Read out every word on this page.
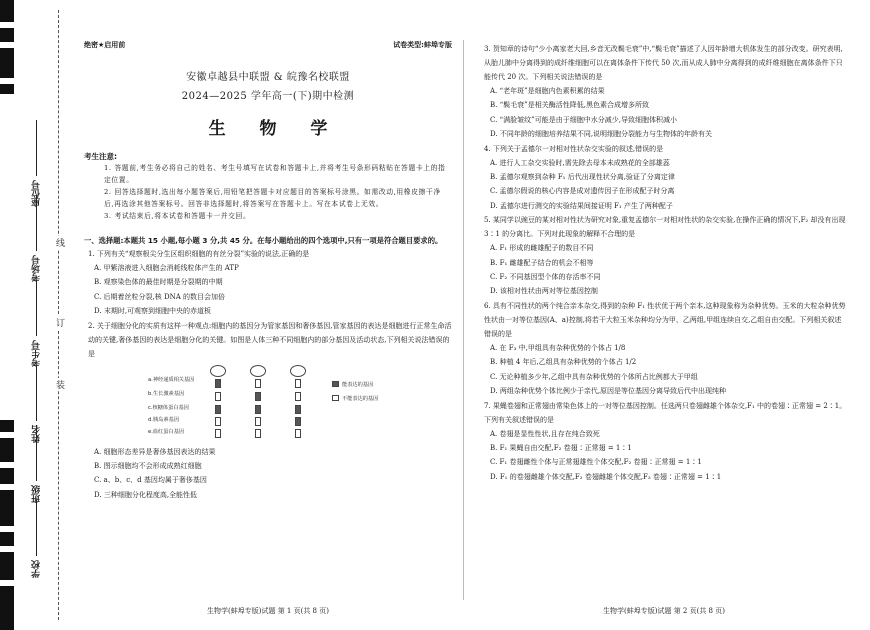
座位号
考场号
考生号
姓名
班级
学校
线
订
装
绝密★启用前	试卷类型:蚌埠专版
安徽卓越县中联盟 & 皖豫名校联盟
2024—2025 学年高一(下)期中检测
生 物 学
考生注意:
1. 答题前,考生务必将自己的姓名、考生号填写在试卷和答题卡上,并将考生号条形码粘贴在答题卡上的指定位置。
2. 回答选择题时,选出每小题答案后,用铅笔把答题卡对应题目的答案标号涂黑。如需改动,用橡皮擦干净后,再选涂其他答案标号。回答非选择题时,将答案写在答题卡上。写在本试卷上无效。
3. 考试结束后,将本试卷和答题卡一并交回。
一、选择题:本题共 15 小题,每小题 3 分,共 45 分。在每小题给出的四个选项中,只有一项是符合题目要求的。
1. 下列有关“观察根尖分生区组织细胞的有丝分裂”实验的说法,正确的是
A. 甲紫溶液进入细胞会消耗线粒体产生的 ATP
B. 观察染色体的最佳时期是分裂期的中期
C. 后期着丝粒分裂,核 DNA 的数目会加倍
D. 末期时,可观察到细胞中央的赤道板
2. 关于细胞分化的实质有这样一种观点:细胞内的基因分为管家基因和奢侈基因,管家基因的表达是细胞进行正常生命活动的关键,奢侈基因的表达是细胞分化的关键。如图是人体三种不同细胞内的部分基因及活动状态,下列相关说法错误的是
a.神经递质相关基因
b.生长激素基因
c.核糖体蛋白基因
d.胰岛素基因
e.血红蛋白基因
能表达的基因
不能表达的基因
A. 细胞形态差异是奢侈基因表达的结果
B. 图示细胞均不会形成成熟红细胞
C. a、b、c、d 基因均属于奢侈基因
D. 三种细胞分化程度高,全能性低
生物学(蚌埠专版)试题 第 1 页(共 8 页)
3. 贺知章的诗句“少小离家老大回,乡音无改鬓毛衰”中,“鬓毛衰”描述了人因年龄增大机体发生的部分改变。研究表明,从胎儿肺中分离得到的成纤维细胞可以在离体条件下传代 50 次,而从成人肺中分离得到的成纤维细胞在离体条件下只能传代 20 次。下列相关说法错误的是
A. “老年斑”是细胞内色素积累的结果
B. “鬓毛衰”是相关酶活性降低,黑色素合成增多所致
C. “满脸皱纹”可能是由于细胞中水分减少,导致细胞体积减小
D. 不同年龄的细胞培养结果不同,说明细胞分裂能力与生物体的年龄有关
4. 下列关于孟德尔一对相对性状杂交实验的叙述,错误的是
A. 进行人工杂交实验时,需先除去母本未成熟花的全部雄蕊
B. 孟德尔观察到杂种 F₁ 后代出现性状分离,验证了分离定律
C. 孟德尔假说的核心内容是成对遗传因子在形成配子时分离
D. 孟德尔进行测交的实验结果间接证明 F₁ 产生了两种配子
5. 某同学以豌豆的某对相对性状为研究对象,重复孟德尔一对相对性状的杂交实验,在操作正确的情况下,F₂ 却没有出现 3∶1 的分离比。下列对此现象的解释不合理的是
A. F₁ 形成的雌雄配子的数目不同
B. F₁ 雌雄配子结合的机会不相等
C. F₂ 不同基因型个体的存活率不同
D. 该相对性状由两对等位基因控制
6. 具有不同性状的两个纯合亲本杂交,得到的杂种 F₁ 性状优于两个亲本,这种现象称为杂种优势。玉米的大粒杂种优势性状由一对等位基因(A、a)控制,将若干大粒玉米杂种均分为甲、乙两组,甲组连续自交,乙组自由交配。下列相关叙述错误的是
A. 在 F₃ 中,甲组具有杂种优势的个体占 1/8
B. 种植 4 年后,乙组具有杂种优势的个体占 1/2
C. 无论种植多少年,乙组中具有杂种优势的个体所占比例都大于甲组
D. 两组杂种优势个体比例少于亲代,原因是等位基因分离导致后代中出现纯种
7. 果蝇卷翅和正常翅由常染色体上的一对等位基因控制。任选两只卷翅雌雄个体杂交,F₁ 中的卷翅∶正常翅 = 2∶1。下列有关叙述错误的是
A. 卷翅是显性性状,且存在纯合致死
B. F₁ 果蝇自由交配,F₂ 卷翅∶正常翅 = 1∶1
C. F₁ 卷翅雌性个体与正常翅雄性个体交配,F₂ 卷翅∶正常翅 = 1∶1
D. F₁ 的卷翅雌雄个体交配,F₂ 卷翅雌雄个体交配,F₃ 卷翅∶正常翅 = 1∶1
生物学(蚌埠专版)试题 第 2 页(共 8 页)
